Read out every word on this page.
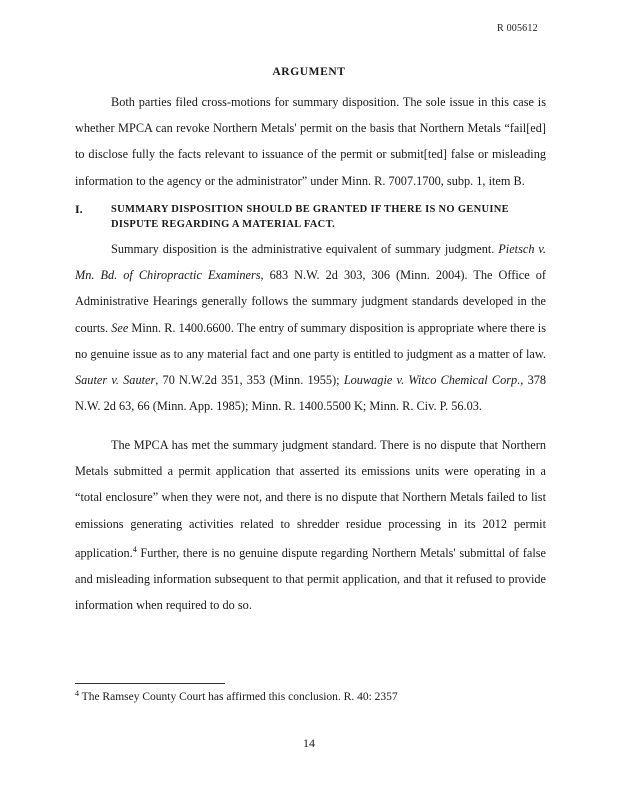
R 005612
ARGUMENT

Both parties filed cross-motions for summary disposition. The sole issue in this case is whether MPCA can revoke Northern Metals' permit on the basis that Northern Metals “fail[ed] to disclose fully the facts relevant to issuance of the permit or submit[ted] false or misleading information to the agency or the administrator” under Minn. R. 7007.1700, subp. 1, item B.

I.	SUMMARY DISPOSITION SHOULD BE GRANTED IF THERE IS NO GENUINE DISPUTE REGARDING A MATERIAL FACT.

Summary disposition is the administrative equivalent of summary judgment. Pietsch v. Mn. Bd. of Chiropractic Examiners, 683 N.W. 2d 303, 306 (Minn. 2004). The Office of Administrative Hearings generally follows the summary judgment standards developed in the courts. See Minn. R. 1400.6600. The entry of summary disposition is appropriate where there is no genuine issue as to any material fact and one party is entitled to judgment as a matter of law. Sauter v. Sauter, 70 N.W.2d 351, 353 (Minn. 1955); Louwagie v. Witco Chemical Corp., 378 N.W. 2d 63, 66 (Minn. App. 1985); Minn. R. 1400.5500 K; Minn. R. Civ. P. 56.03.

The MPCA has met the summary judgment standard. There is no dispute that Northern Metals submitted a permit application that asserted its emissions units were operating in a “total enclosure” when they were not, and there is no dispute that Northern Metals failed to list emissions generating activities related to shredder residue processing in its 2012 permit application.$^4$ Further, there is no genuine dispute regarding Northern Metals' submittal of false and misleading information subsequent to that permit application, and that it refused to provide information when required to do so.

$^4$ The Ramsey County Court has affirmed this conclusion. R. 40: 2357
14
